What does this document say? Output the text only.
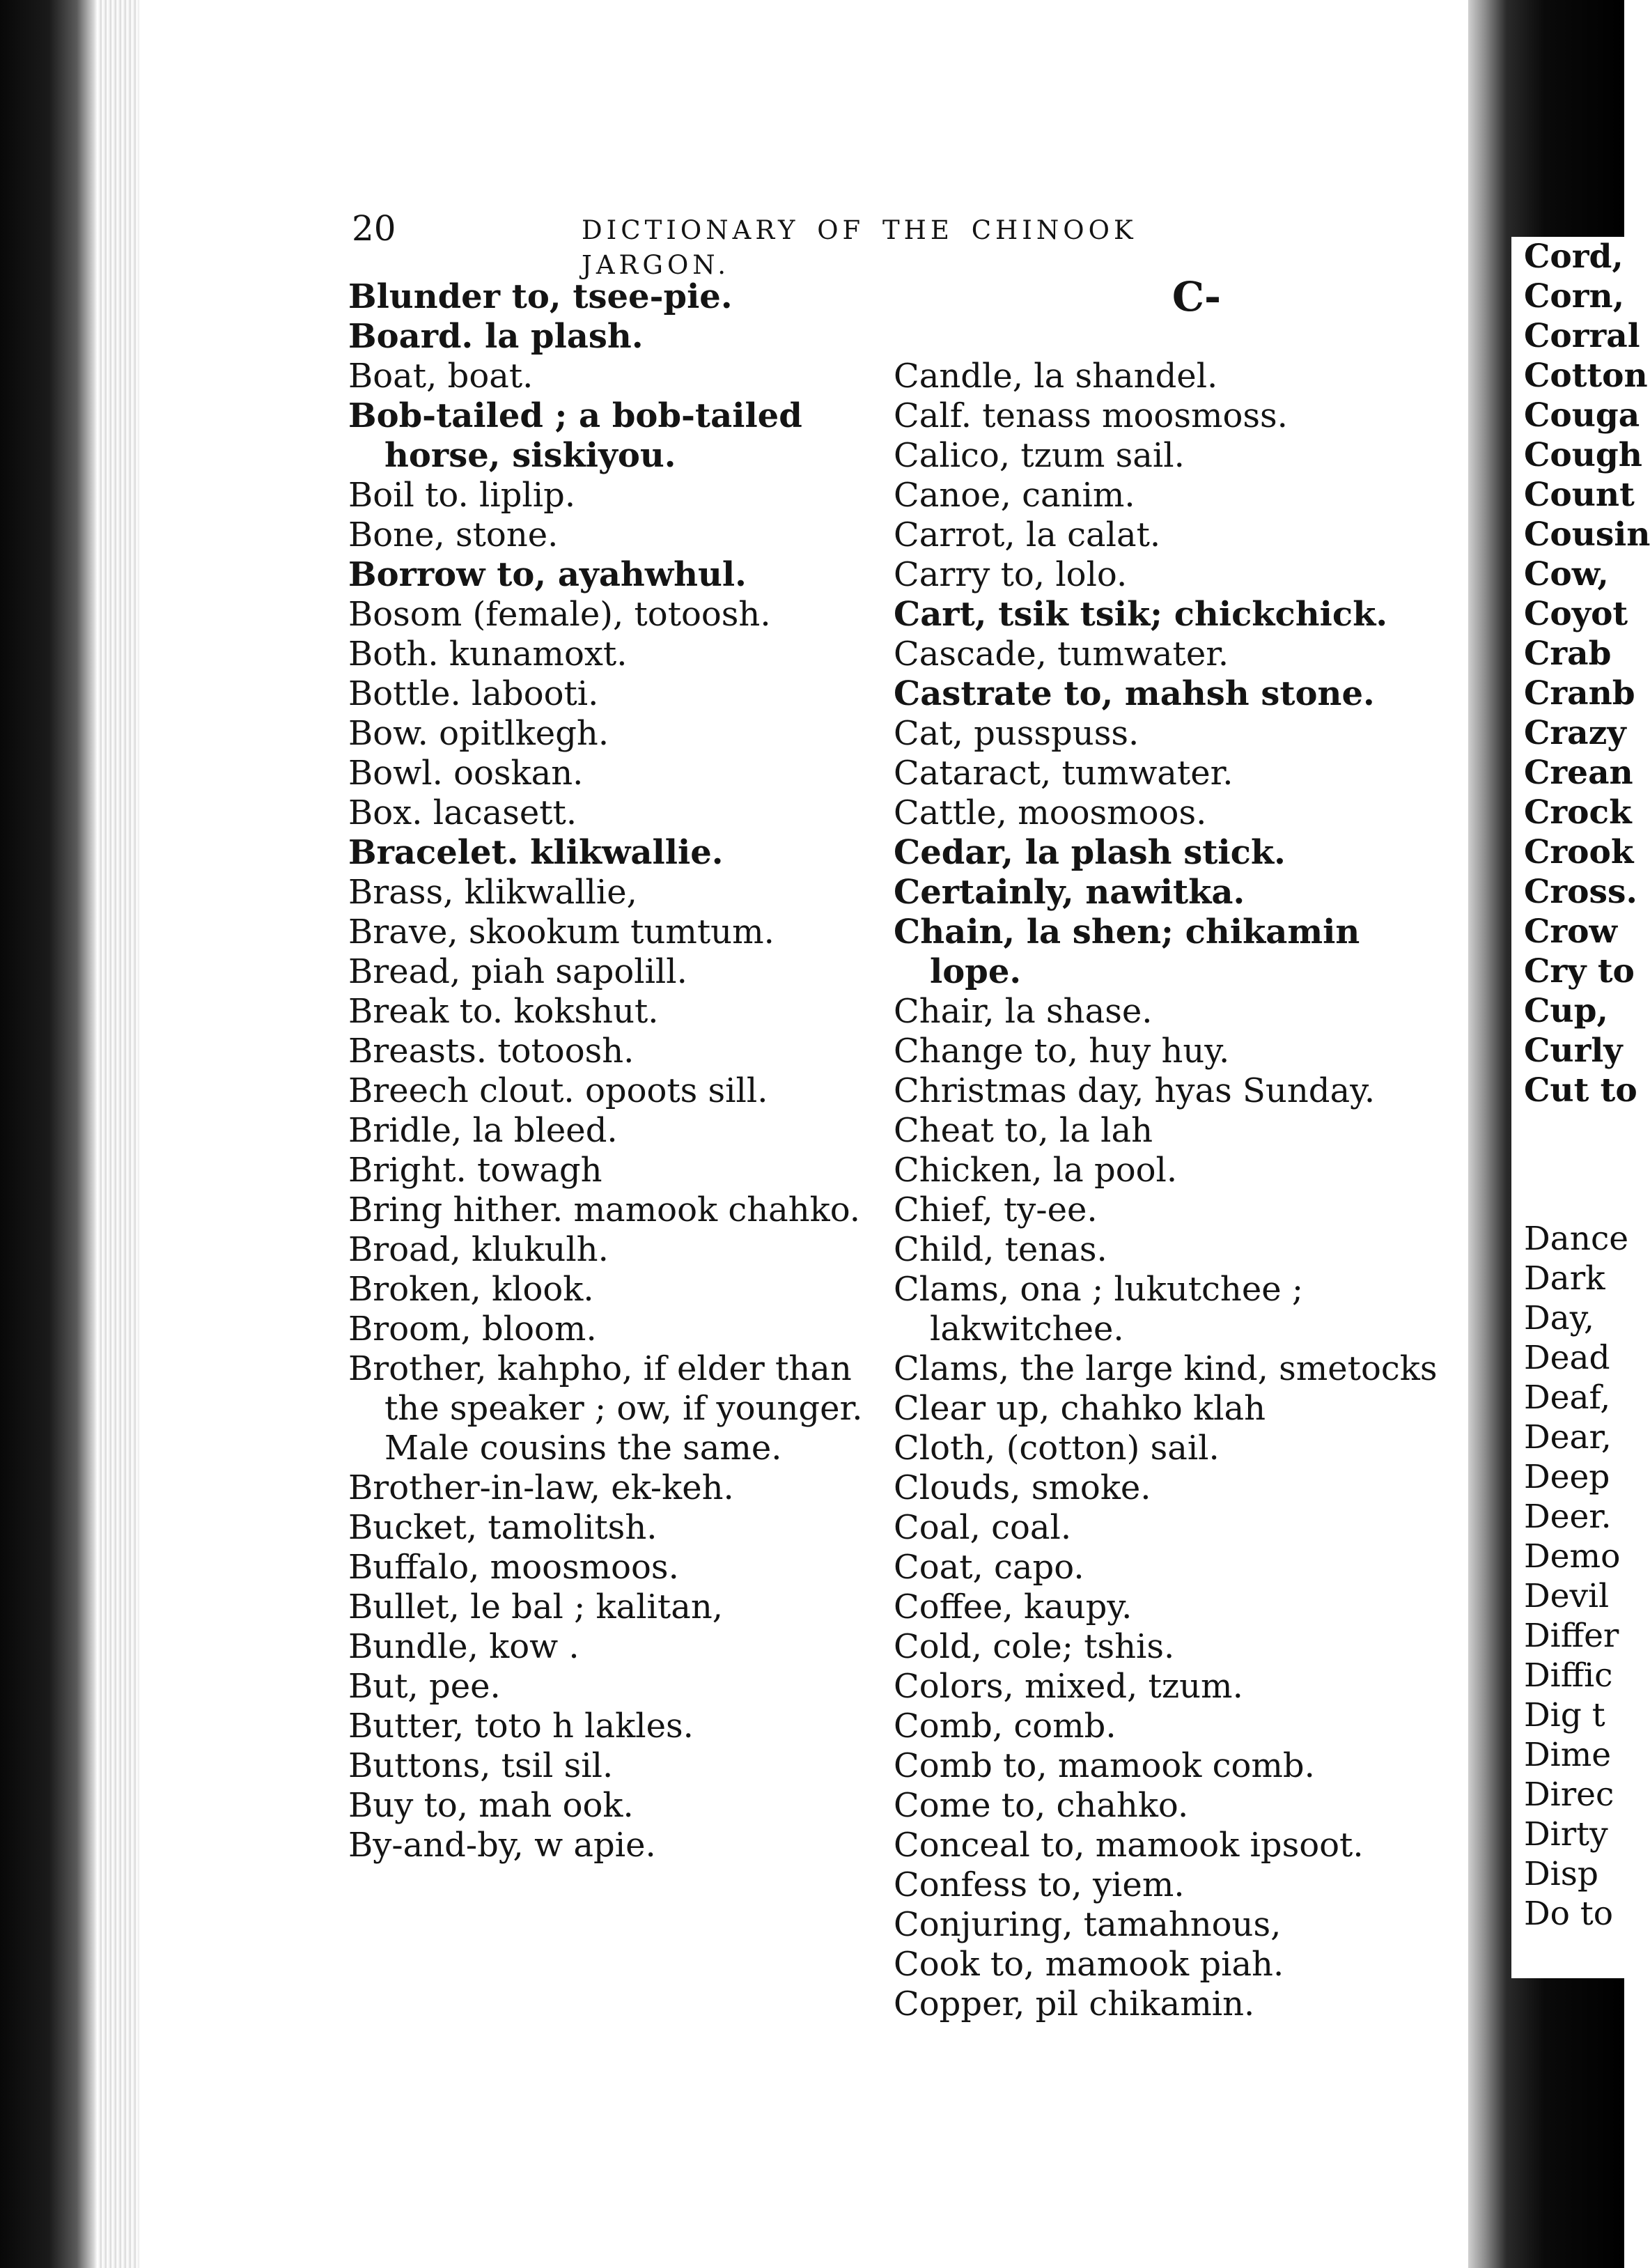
Cord,
Corn,
Corral
Cotton
Couga
Cough
Count
Cousin
Cow,
Coyot
Crab
Cranb
Crazy
Crean
Crock
Crook
Cross.
Crow
Cry to
Cup,
Curly
Cut to
Dance
Dark
Day,
Dead
Deaf,
Dear,
Deep
Deer.
Demo
Devil
Differ
Diffic
Dig t
Dime
Direc
Dirty
Disp
Do to
20	DICTIONARY OF THE CHINOOK JARGON.

Blunder to, tsee-pie.

Board. la plash.

Boat, boat.

Bob-tailed ; a bob-tailed horse, siskiyou.

Boil to. liplip.

Bone, stone.

Borrow to, ayahwhul.

Bosom (female), totoosh.

Both. kunamoxt.

Bottle. labooti.

Bow. opitlkegh.

Bowl. ooskan.

Box. lacasett.

Bracelet. klikwallie.

Brass, klikwallie,

Brave, skookum tumtum.

Bread, piah sapolill.

Break to. kokshut.

Breasts. totoosh.

Breech clout. opoots sill.

Bridle, la bleed.

Bright. towagh

Bring hither. mamook chahko.

Broad, klukulh.

Broken, klook.

Broom, bloom.

Brother, kahpho, if elder than the speaker ; ow, if younger. Male cousins the same.

Brother-in-law, ek-keh.

Bucket, tamolitsh.

Buffalo, moosmoos.

Bullet, le bal ; kalitan,

Bundle, kow .

But, pee.

Butter, toto h lakles.

Buttons, tsil sil.

Buy to, mah ook.

By-and-by, w apie.

C-

Candle, la shandel.

Calf. tenass moosmoss.

Calico, tzum sail.

Canoe, canim.

Carrot, la calat.

Carry to, lolo.

Cart, tsik tsik; chickchick.

Cascade, tumwater.

Castrate to, mahsh stone.

Cat, pusspuss.

Cataract, tumwater.

Cattle, moosmoos.

Cedar, la plash stick.

Certainly, nawitka.

Chain, la shen; chikamin lope.

Chair, la shase.

Change to, huy huy.

Christmas day, hyas Sunday.

Cheat to, la lah

Chicken, la pool.

Chief, ty-ee.

Child, tenas.

Clams, ona ; lukutchee ; lakwitchee.

Clams, the large kind, smetocks

Clear up, chahko klah

Cloth, (cotton) sail.

Clouds, smoke.

Coal, coal.

Coat, capo.

Coffee, kaupy.

Cold, cole; tshis.

Colors, mixed, tzum.

Comb, comb.

Comb to, mamook comb.

Come to, chahko.

Conceal to, mamook ipsoot.

Confess to, yiem.

Conjuring, tamahnous,

Cook to, mamook piah.

Copper, pil chikamin.
